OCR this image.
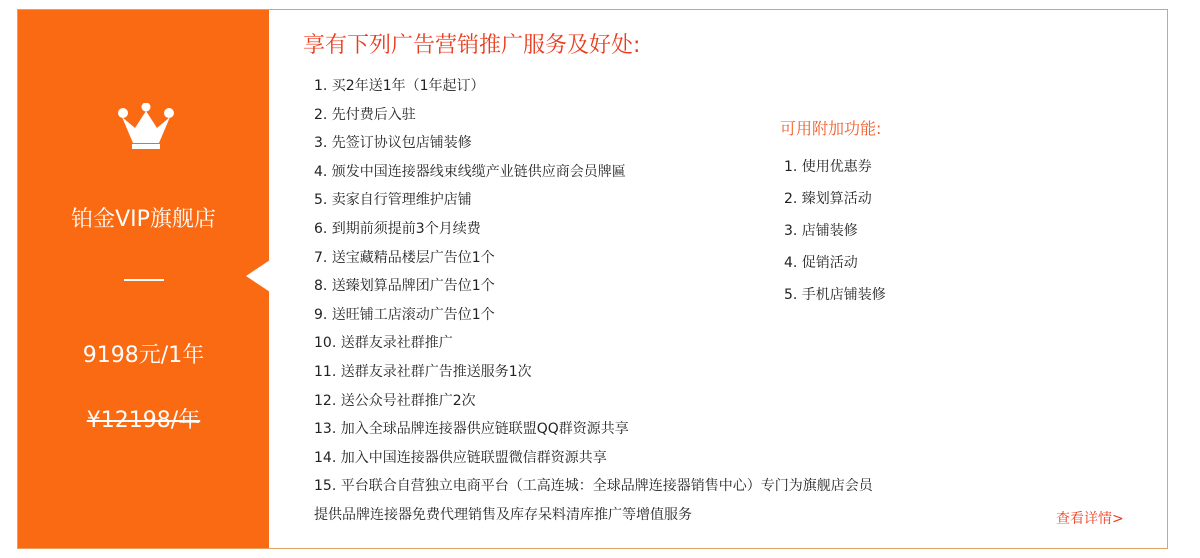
铂金VIP旗舰店
9198元/1年
¥12198/年
享有下列广告营销推广服务及好处:
1. 买2年送1年（1年起订）
2. 先付费后入驻
3. 先签订协议包店铺装修
4. 颁发中国连接器线束线缆产业链供应商会员牌匾
5. 卖家自行管理维护店铺
6. 到期前须提前3个月续费
7. 送宝藏精品楼层广告位1个
8. 送臻划算品牌团广告位1个
9. 送旺铺工店滚动广告位1个
10. 送群友录社群推广
11. 送群友录社群广告推送服务1次
12. 送公众号社群推广2次
13. 加入全球品牌连接器供应链联盟QQ群资源共享
14. 加入中国连接器供应链联盟微信群资源共享
15. 平台联合自营独立电商平台（工高连城：全球品牌连接器销售中心）专门为旗舰店会员
提供品牌连接器免费代理销售及库存呆料清库推广等增值服务
可用附加功能:
1. 使用优惠券
2. 臻划算活动
3. 店铺装修
4. 促销活动
5. 手机店铺装修
查看详情>
